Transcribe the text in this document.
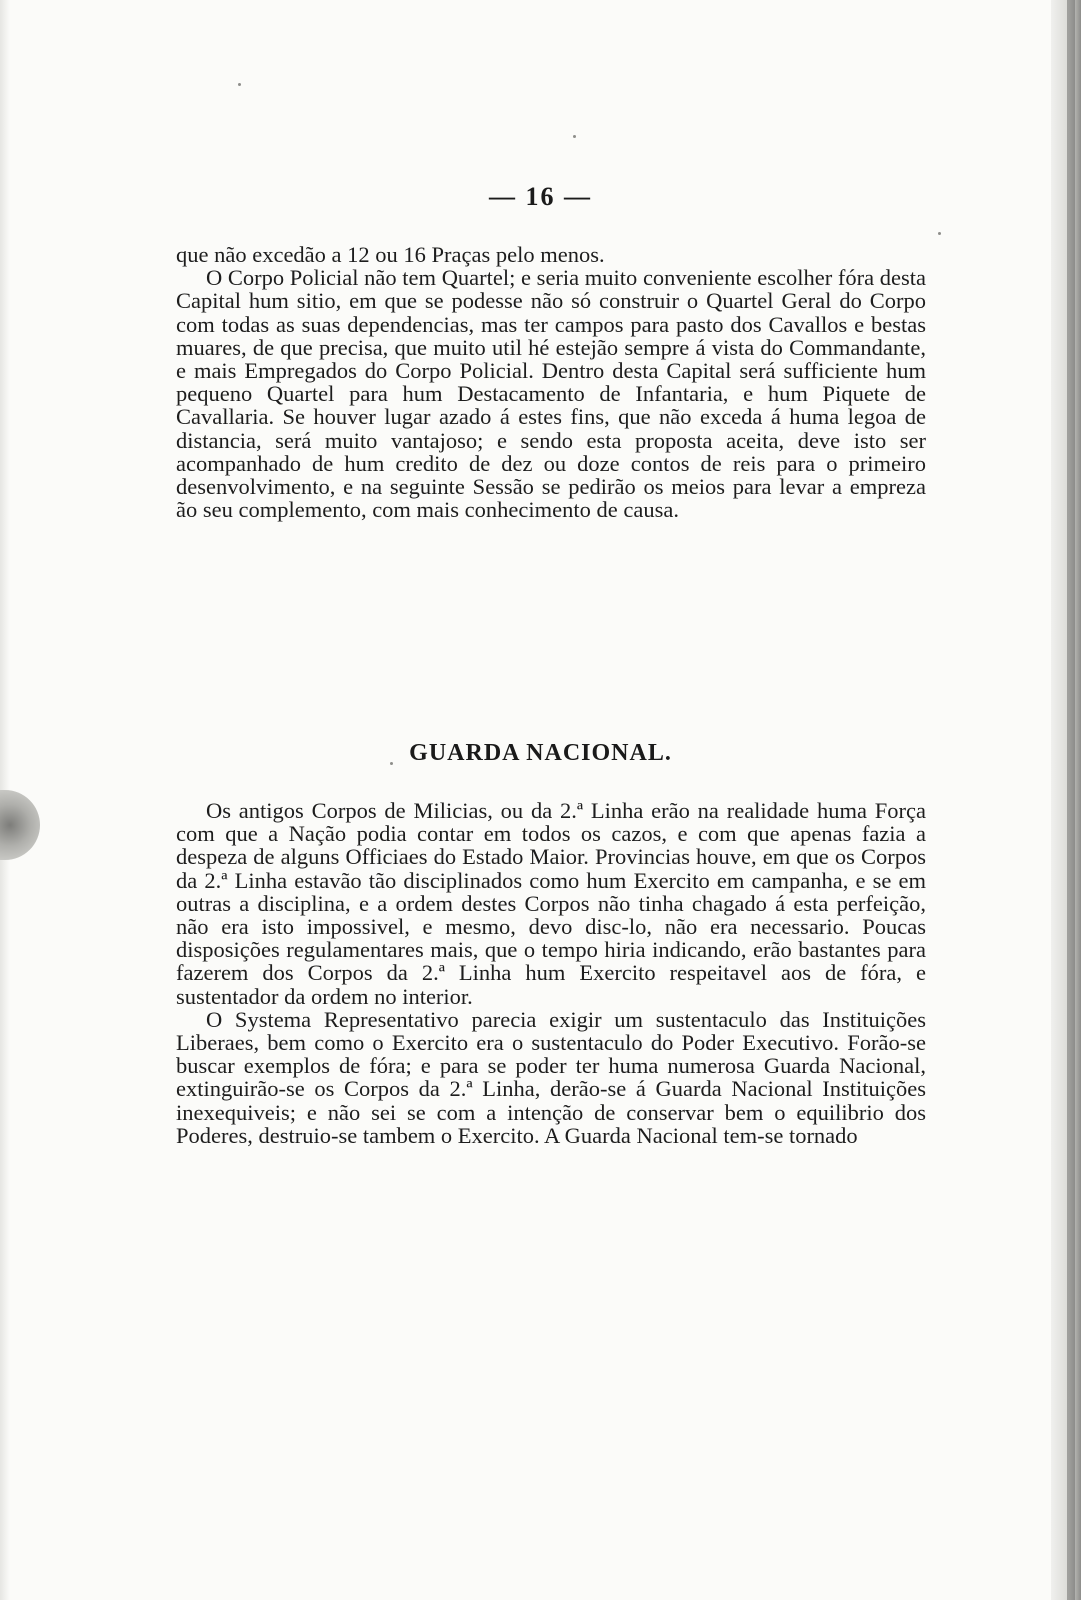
— 16 —

que não excedão a 12 ou 16 Praças pelo menos.

O Corpo Policial não tem Quartel; e seria muito conveniente escolher fóra desta Capital hum sitio, em que se podesse não só construir o Quartel Geral do Corpo com todas as suas dependencias, mas ter campos para pasto dos Cavallos e bestas muares, de que precisa, que muito util hé estejão sempre á vista do Commandante, e mais Empregados do Corpo Policial. Dentro desta Capital será sufficiente hum pequeno Quartel para hum Destacamento de Infantaria, e hum Piquete de Cavallaria. Se houver lugar azado á estes fins, que não exceda á huma legoa de distancia, será muito vantajoso; e sendo esta proposta aceita, deve isto ser acompanhado de hum credito de dez ou doze contos de reis para o primeiro desenvolvimento, e na seguinte Sessão se pedirão os meios para levar a empreza ão seu complemento, com mais conhecimento de causa.

GUARDA NACIONAL.

Os antigos Corpos de Milicias, ou da 2.ª Linha erão na realidade huma Força com que a Nação podia contar em todos os cazos, e com que apenas fazia a despeza de alguns Officiaes do Estado Maior. Provincias houve, em que os Corpos da 2.ª Linha estavão tão disciplinados como hum Exercito em campanha, e se em outras a disciplina, e a ordem destes Corpos não tinha chagado á esta perfeição, não era isto impossivel, e mesmo, devo disc-lo, não era necessario. Poucas disposições regulamentares mais, que o tempo hiria indicando, erão bastantes para fazerem dos Corpos da 2.ª Linha hum Exercito respeitavel aos de fóra, e sustentador da ordem no interior.

O Systema Representativo parecia exigir um sustentaculo das Instituições Liberaes, bem como o Exercito era o sustentaculo do Poder Executivo. Forão-se buscar exemplos de fóra; e para se poder ter huma numerosa Guarda Nacional, extinguirão-se os Corpos da 2.ª Linha, derão-se á Guarda Nacional Instituições inexequiveis; e não sei se com a intenção de conservar bem o equilibrio dos Poderes, destruio-se tambem o Exercito. A Guarda Nacional tem-se tornado
